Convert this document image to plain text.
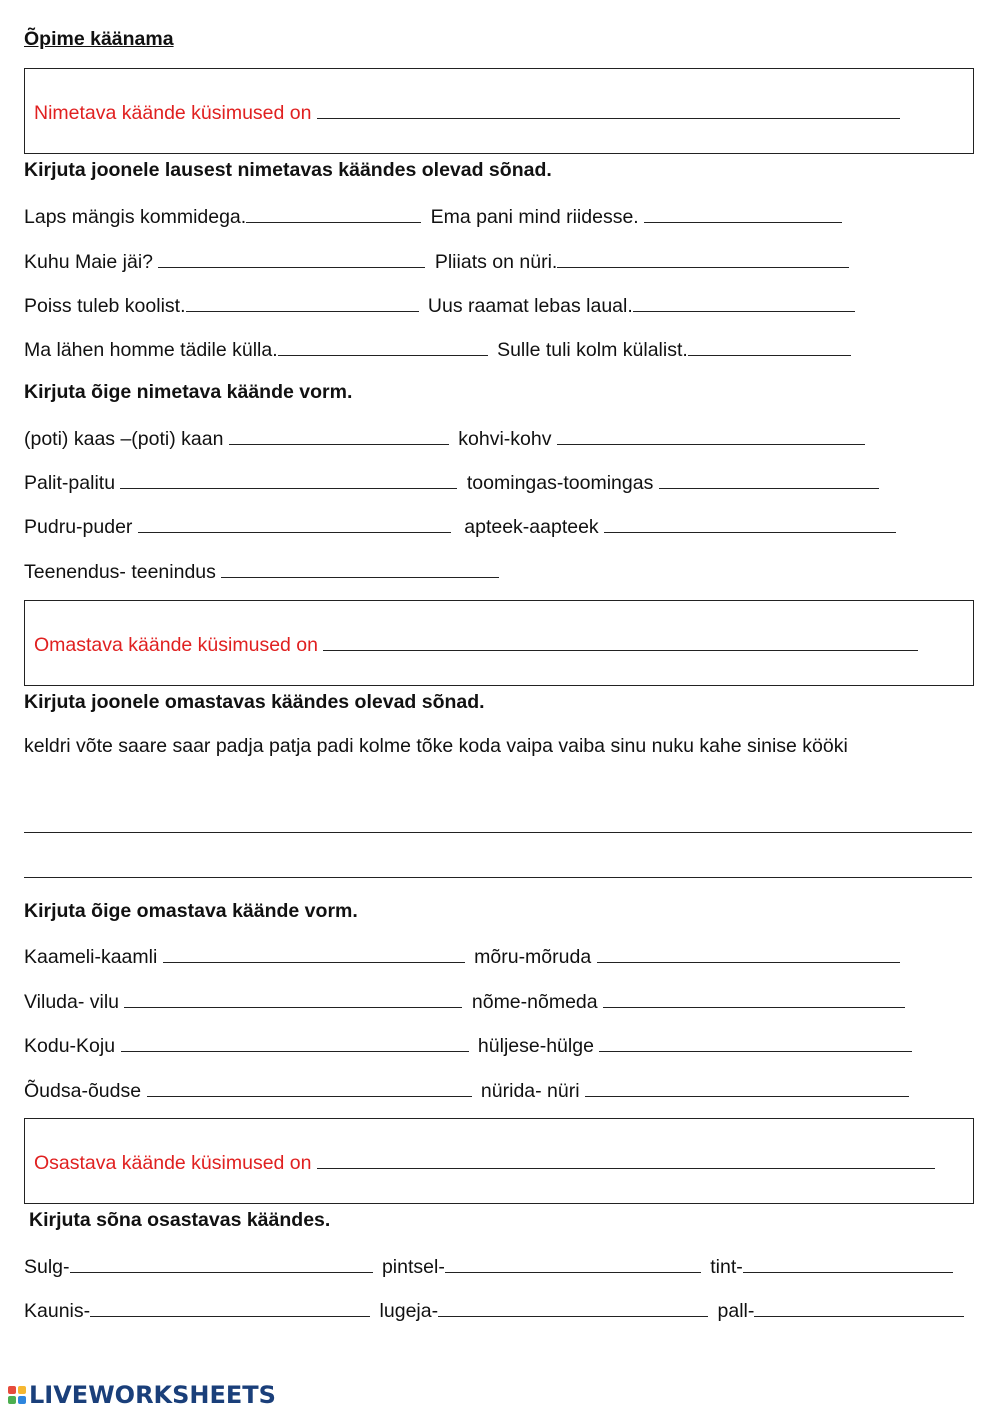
Õpime käänama
Nimetava käände küsimused on
Kirjuta joonele lausest nimetavas käändes olevad sõnad.
Laps mängis kommidega.	Ema pani mind riidesse.
Kuhu Maie jäi?	Pliiats on nüri.
Poiss tuleb koolist.	Uus raamat lebas laual.
Ma lähen homme tädile külla.	Sulle tuli kolm külalist.
Kirjuta õige nimetava käände vorm.
(poti) kaas –(poti) kaan	kohvi-kohv
Palit-palitu	toomingas-toomingas
Pudru-puder	apteek-aapteek
Teenendus- teenindus
Omastava käände küsimused on
Kirjuta joonele omastavas käändes olevad sõnad.
keldri võte saare saar padja patja padi kolme tõke koda vaipa vaiba sinu nuku kahe sinise kööki
Kirjuta õige omastava käände vorm.
Kaameli-kaamli	mõru-mõruda
Viluda- vilu	nõme-nõmeda
Kodu-Koju	hüljese-hülge
Õudsa-õudse	nürida- nüri
Osastava käände küsimused on
Kirjuta sõna osastavas käändes.
Sulg-	pintsel-	tint-
Kaunis-	lugeja-	pall-
LIVEWORKSHEETS
